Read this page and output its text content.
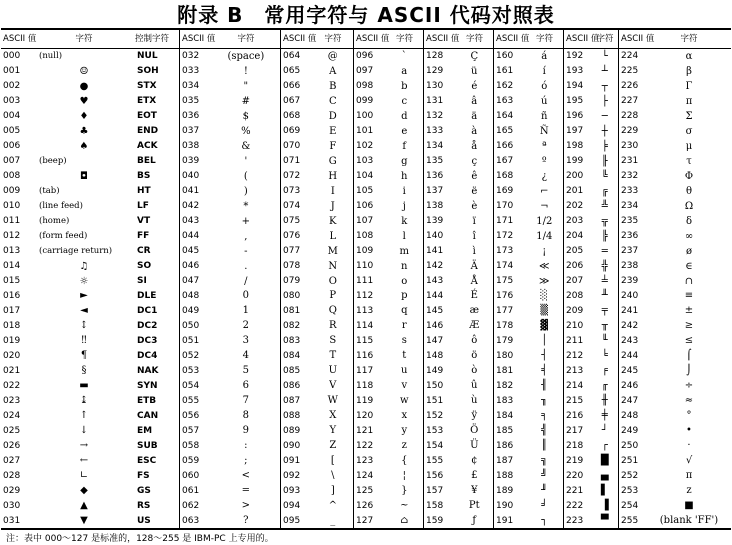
附录 B　常用字符与 ASCII 代码对照表
ASCII 值	字符	控制字符
000	(null)	NUL
001	☺	SOH
002	●	STX
003	♥	ETX
004	♦	EOT
005	♣	END
006	♠	ACK
007	(beep)	BEL
008	◘	BS
009	(tab)	HT
010	(line feed)	LF
011	(home)	VT
012	(form feed)	FF
013	(carriage return)	CR
014	♫	SO
015	☼	SI
016	►	DLE
017	◄	DC1
018	↕	DC2
019	‼	DC3
020	¶	DC4
021	§	NAK
022	▬	SYN
023	↨	ETB
024	↑	CAN
025	↓	EM
026	→	SUB
027	←	ESC
028	∟	FS
029	◆	GS
030	▲	RS
031	▼	US
ASCII 值	字符
032	(space)
033	!
034	"
035	#
036	$
037	%
038	&
039	'
040	(
041	)
042	*
043	+
044	,
045	-
046	.
047	/
048	0
049	1
050	2
051	3
052	4
053	5
054	6
055	7
056	8
057	9
058	:
059	;
060	<
061	=
062	>
063	?
ASCII 值 字符
064	@
065	A
066	B
067	C
068	D
069	E
070	F
071	G
072	H
073	I
074	J
075	K
076	L
077	M
078	N
079	O
080	P
081	Q
082	R
083	S
084	T
085	U
086	V
087	W
088	X
089	Y
090	Z
091	[
092	\
093	]
094	^
095	_
ASCII 值 字符
096	`
097	a
098	b
099	c
100	d
101	e
102	f
103	g
104	h
105	i
106	j
107	k
108	l
109	m
110	n
111	o
112	p
113	q
114	r
115	s
116	t
117	u
118	v
119	w
120	x
121	y
122	z
123	{
124	¦
125	}
126	~
127	⌂
ASCII 值 字符
128	Ç
129	ü
130	é
131	â
132	ä
133	à
134	å
135	ç
136	ê
137	ë
138	è
139	ï
140	î
141	ì
142	Ä
143	Å
144	É
145	æ
146	Æ
147	ô
148	ö
149	ò
150	û
151	ù
152	ÿ
153	Ö
154	Ü
155	¢
156	£
157	¥
158	Pt
159	ƒ
ASCII 值 字符
160	á
161	í
162	ó
163	ú
164	ñ
165	Ñ
166	ª
167	º
168	¿
169	⌐
170	¬
171	1/2
172	1/4
173	¡
174	≪
175	≫
176	░
177	▒
178	▓
179	│
180	┤
181	╡
182	╢
183	╖
184	╕
185	╣
186	║
187	╗
188	╝
189	╜
190	╛
191	┐
ASCII 值
字符
192	└
193	┴
194	┬
195	├
196	─
197	┼
198	╞
199	╟
200	╚
201	╔
202	╩
203	╦
204	╠
205	═
206	╬
207	╧
208	╨
209	╤
210	╥
211	╙
212	╘
213	╒
214	╓
215	╫
216	╪
217	┘
218	┌
219	█
220	▄
221	▌
222	▐
223	▀
ASCII 值	字符
224	α
225	β
226	Γ
227	π
228	Σ
229	σ
230	μ
231	τ
232	Φ
233	θ
234	Ω
235	δ
236	∞
237	ø
238	∈
239	∩
240	≡
241	±
242	≥
243	≤
244	⌠
245	⌡
246	÷
247	≈
248	°
249	•
250	·
251	√
252	π
253	z
254	■
255	(blank 'FF')
注：表中 000～127 是标准的，128～255 是 IBM-PC 上专用的。
